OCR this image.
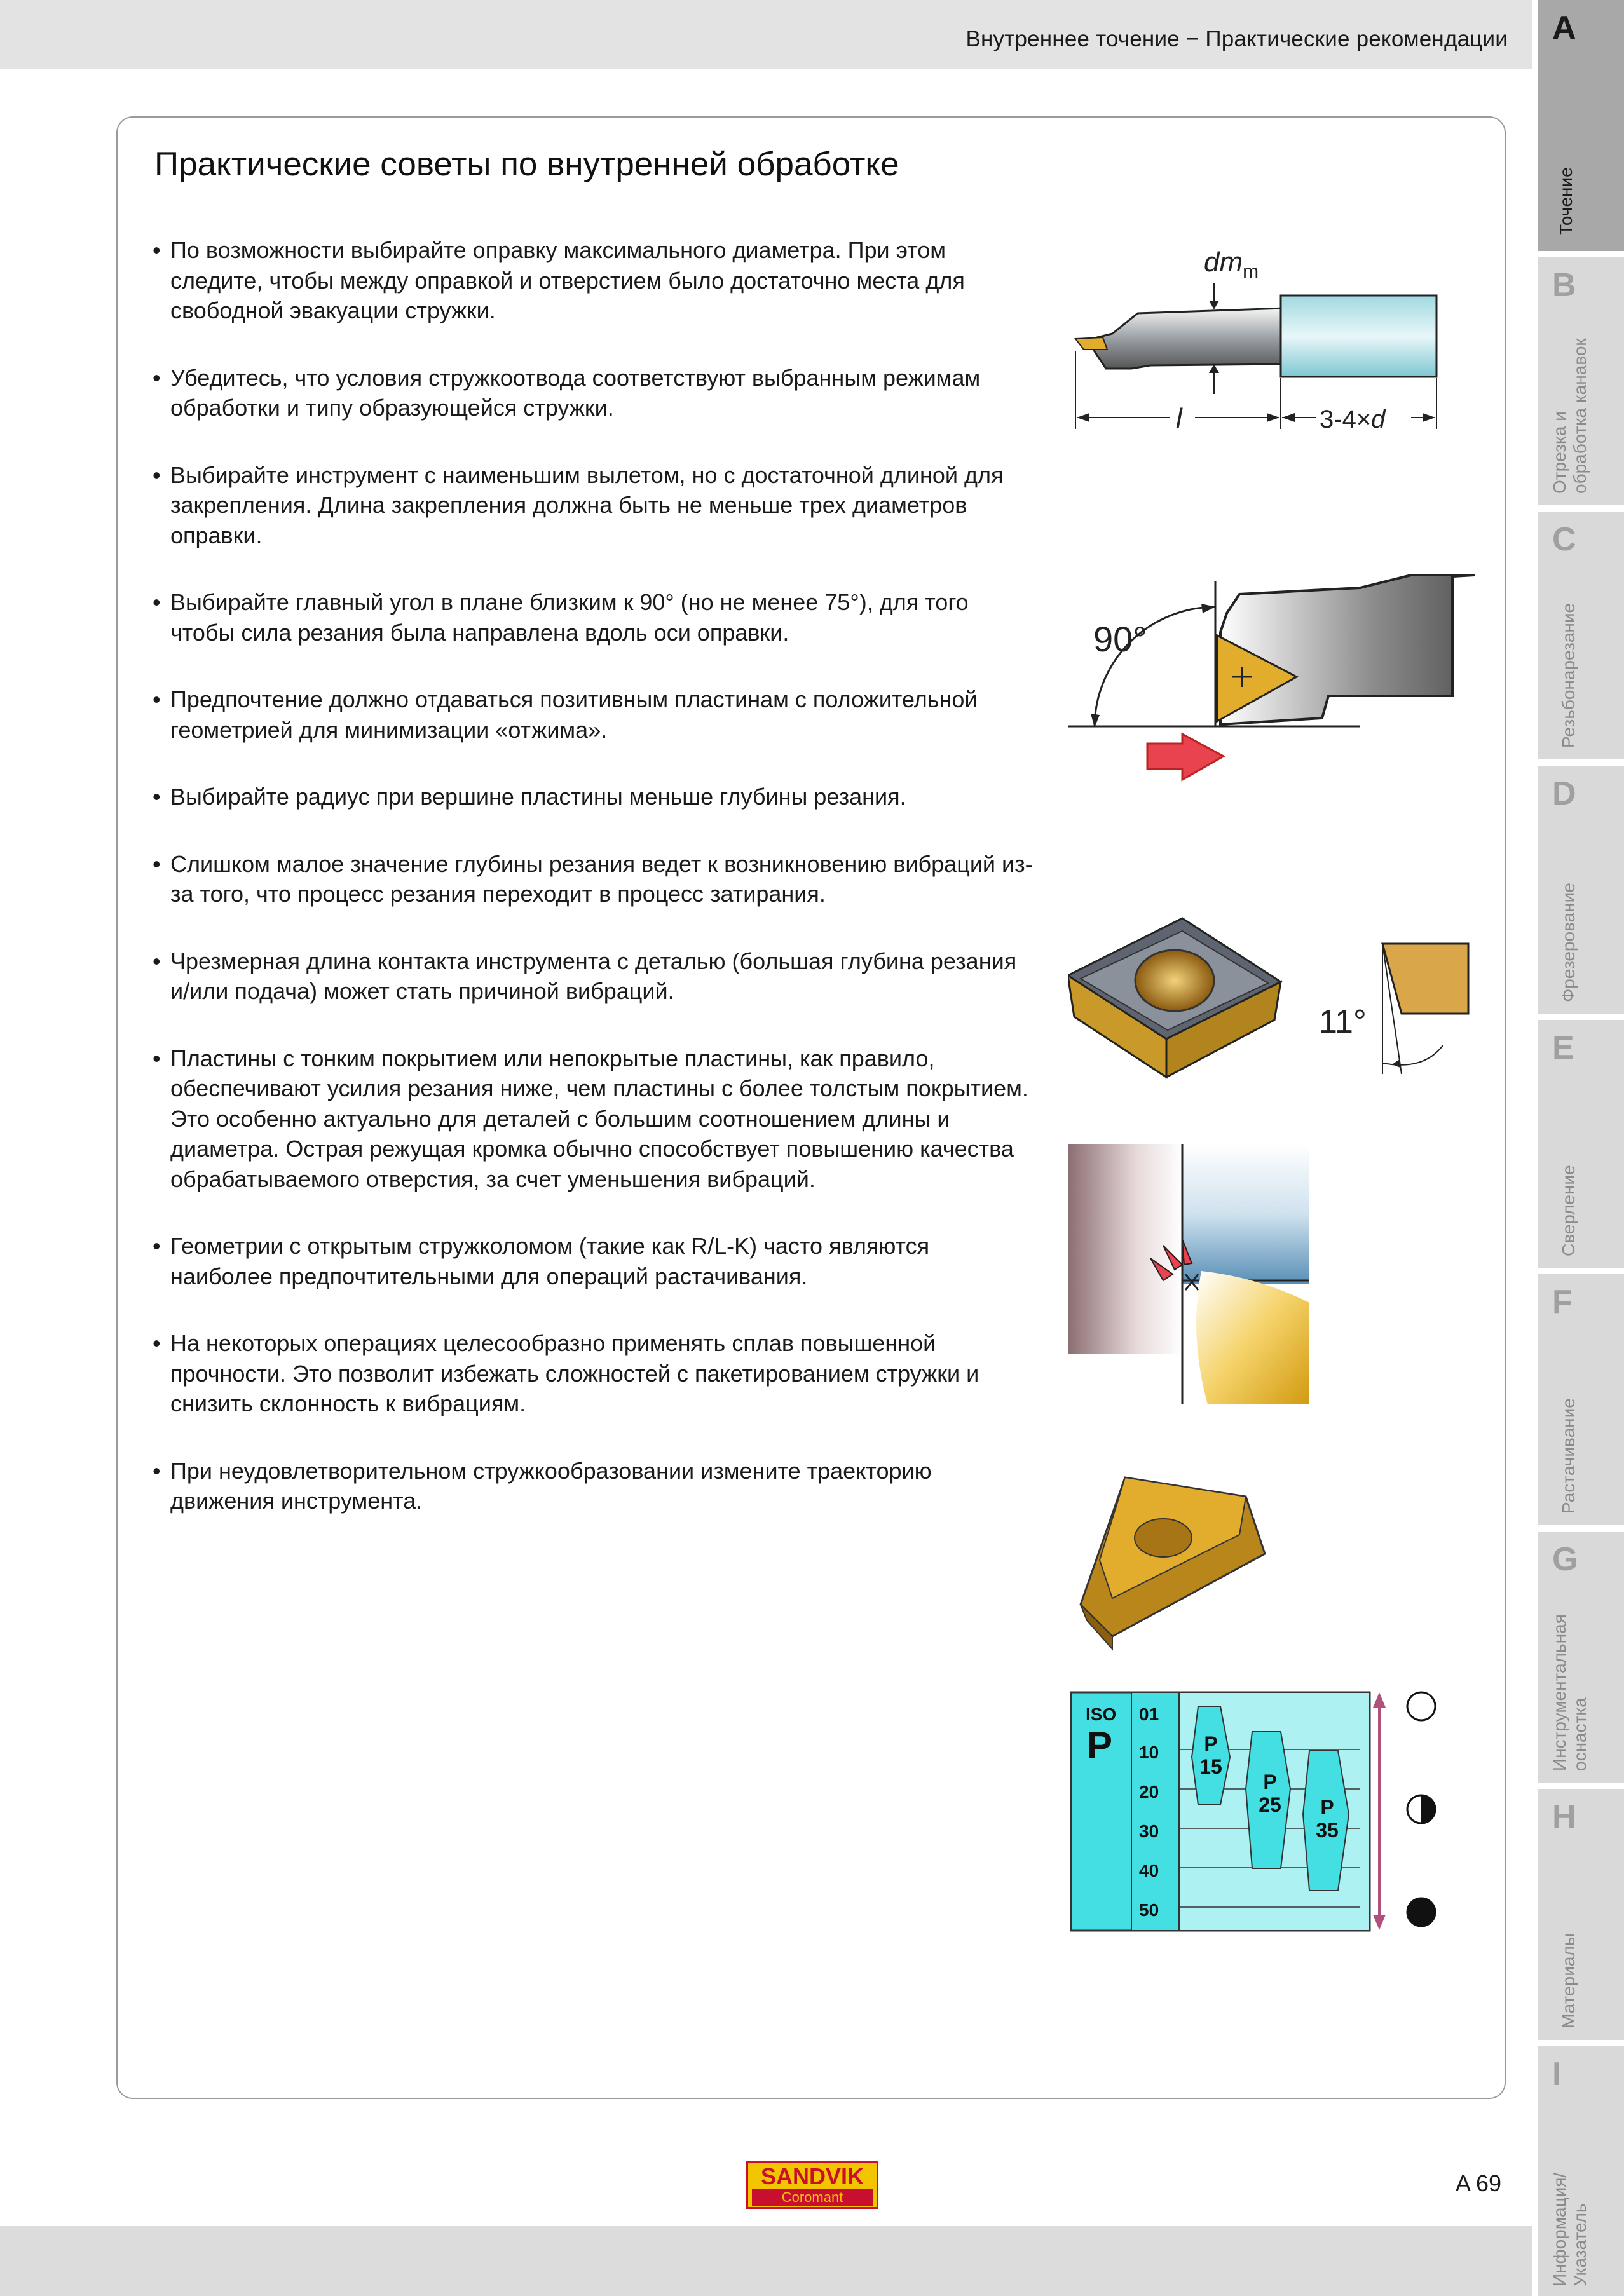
Внутреннее точение − Практические рекомендации A
Точение
B
Отрезка и
обработка канавок
C
Резьбонарезание
D
Фрезерование
E
Сверление
F
Растачивание
G
Инструментальная
оснастка
H
Материалы
I
Информация/
Указатель
Практические советы по внутренней обработке
• По возможности выбирайте оправку максимального диаметра. При этом следите, чтобы между оправкой и отверстием было достаточно места для свободной эвакуации стружки.
• Убедитесь, что условия стружкоотвода соответствуют выбранным режимам обработки и типу образующейся стружки.
• Выбирайте инструмент с наименьшим вылетом, но с достаточной длиной для закрепления. Длина закрепления должна быть не меньше трех диаметров оправки.
• Выбирайте главный угол в плане близким к 90° (но не менее 75°), для того чтобы сила резания была направлена вдоль оси оправки.
• Предпочтение должно отдаваться позитивным пластинам с положительной геометрией для минимизации «отжима».
• Выбирайте радиус при вершине пластины меньше глубины резания.
• Слишком малое значение глубины резания ведет к возникновению вибраций из-за того, что процесс резания переходит в процесс затирания.
• Чрезмерная длина контакта инструмента с деталью (большая глубина резания и/или подача) может стать причиной вибраций.
• Пластины с тонким покрытием или непокрытые пластины, как правило, обеспечивают усилия резания ниже, чем пластины с более толстым покрытием. Это особенно актуально для деталей с большим соотношением длины и диаметра. Острая режущая кромка обычно способствует повышению качества обрабатываемого отверстия, за счет уменьшения вибраций.
• Геометрии с открытым стружколомом (такие как R/L-K) часто являются наиболее предпочтительными для операций растачивания.
• На некоторых операциях целесообразно применять сплав повышенной прочности. Это позволит избежать сложностей с пакетированием стружки и снизить склонность к вибрациям.
• При неудовлетворительном стружкообразовании измените траекторию движения инструмента.
$dm_m$
l	3-4×d
90°
11°
ISO
P
01
10
20
30
40
50
P
15
P
25 P
35
SANDVIK
Coromant
A 69
